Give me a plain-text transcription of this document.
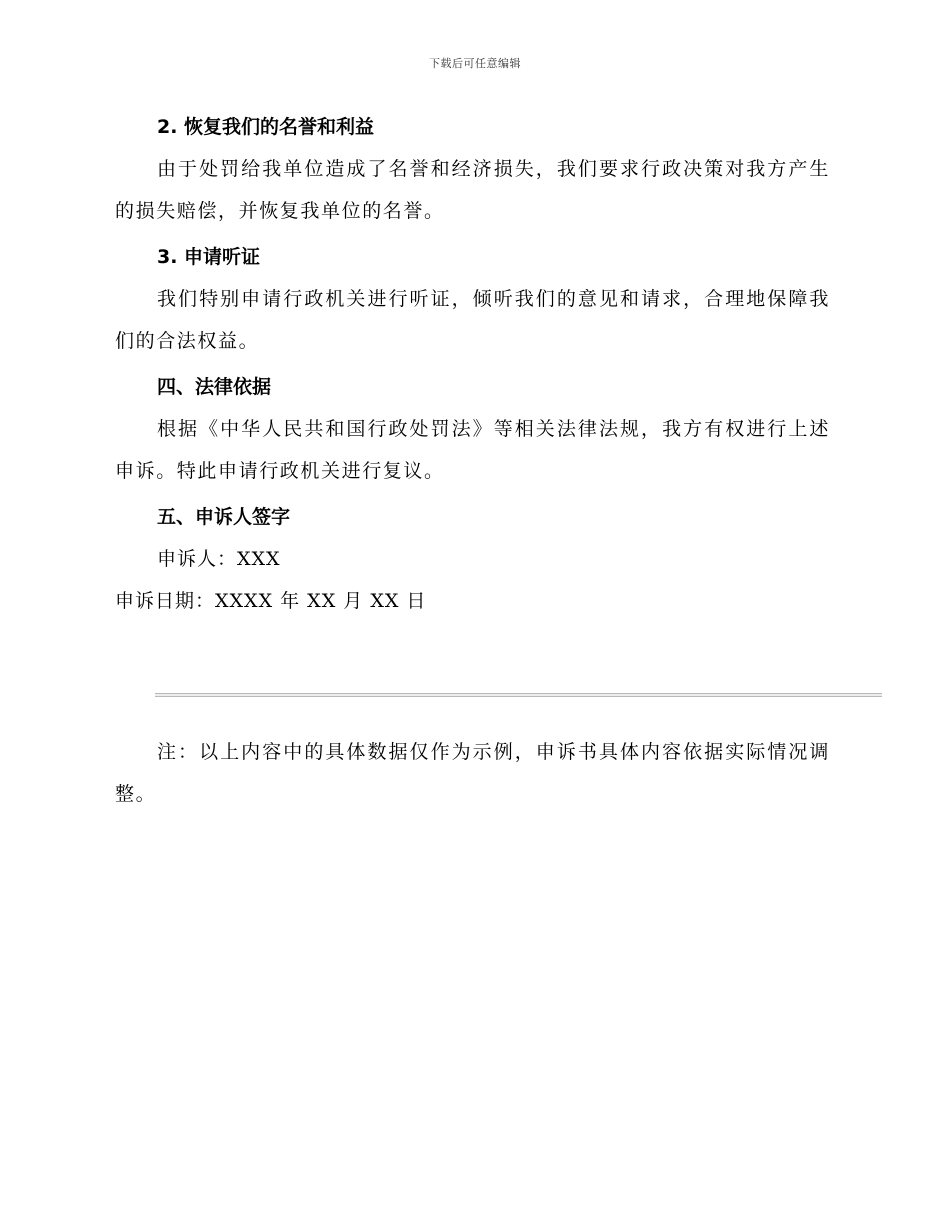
下载后可任意编辑
2. 恢复我们的名誉和利益

由于处罚给我单位造成了名誉和经济损失，我们要求行政决策对我方产生的损失赔偿，并恢复我单位的名誉。

3. 申请听证

我们特别申请行政机关进行听证，倾听我们的意见和请求，合理地保障我们的合法权益。

四、法律依据

根据《中华人民共和国行政处罚法》等相关法律法规，我方有权进行上述申诉。特此申请行政机关进行复议。

五、申诉人签字

申诉人：XXX

申诉日期：XXXX 年 XX 月 XX 日

注：以上内容中的具体数据仅作为示例，申诉书具体内容依据实际情况调整。
